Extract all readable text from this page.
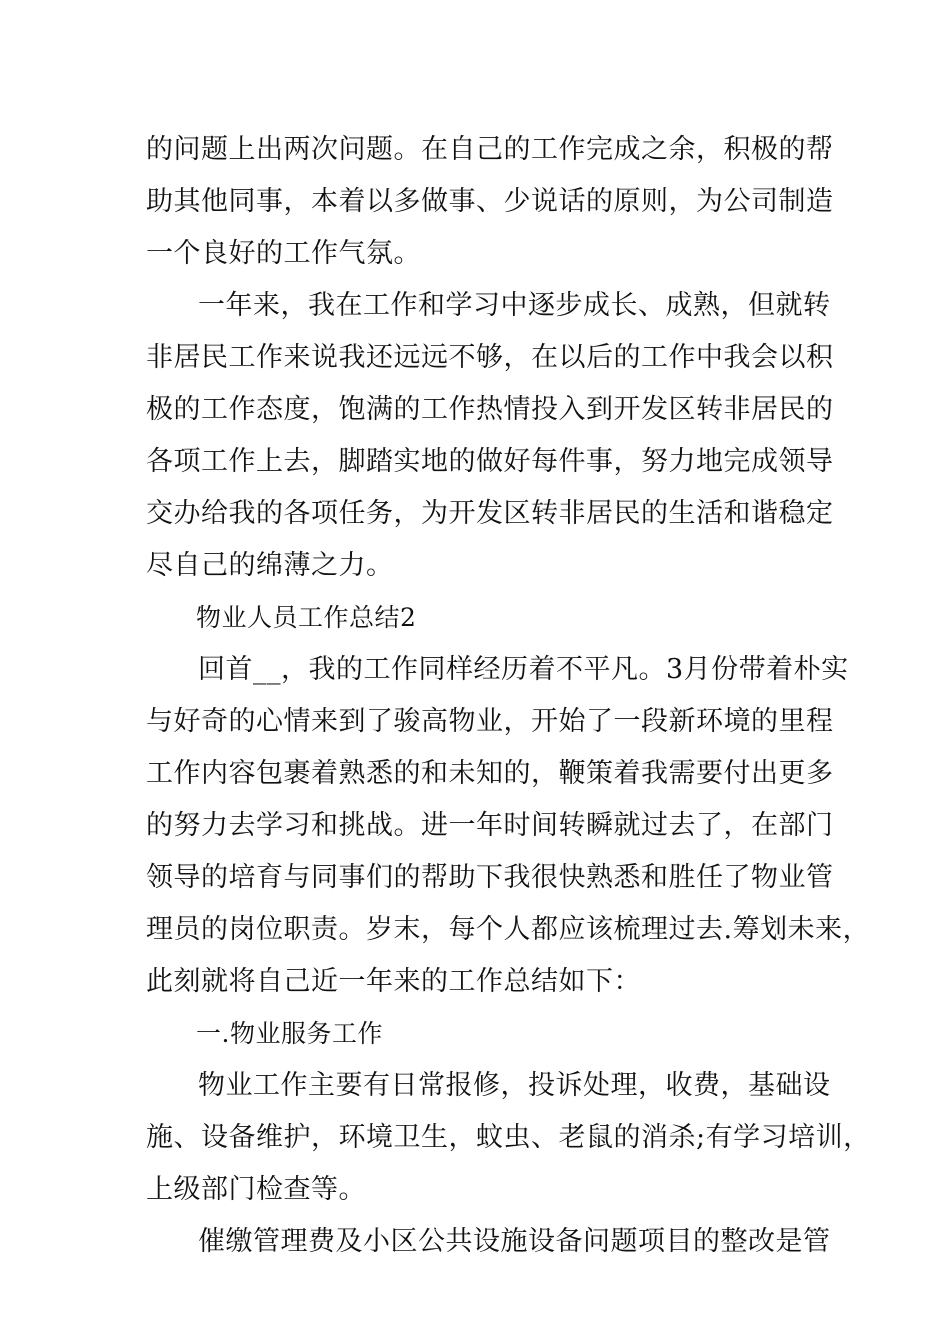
的问题上出两次问题。在自己的工作完成之余，积极的帮
助其他同事，本着以多做事、少说话的原则，为公司制造
一个良好的工作气氛。
一年来，我在工作和学习中逐步成长、成熟，但就转
非居民工作来说我还远远不够，在以后的工作中我会以积
极的工作态度，饱满的工作热情投入到开发区转非居民的
各项工作上去，脚踏实地的做好每件事，努力地完成领导
交办给我的各项任务，为开发区转非居民的生活和谐稳定
尽自己的绵薄之力。
物业人员工作总结2
回首__，我的工作同样经历着不平凡。3月份带着朴实
与好奇的心情来到了骏高物业，开始了一段新环境的里程
工作内容包裹着熟悉的和未知的，鞭策着我需要付出更多
的努力去学习和挑战。进一年时间转瞬就过去了，在部门
领导的培育与同事们的帮助下我很快熟悉和胜任了物业管
理员的岗位职责。岁末，每个人都应该梳理过去.筹划未来，
此刻就将自己近一年来的工作总结如下：
一.物业服务工作
物业工作主要有日常报修，投诉处理，收费，基础设
施、设备维护，环境卫生，蚊虫、老鼠的消杀;有学习培训，
上级部门检查等。
催缴管理费及小区公共设施设备问题项目的整改是管
